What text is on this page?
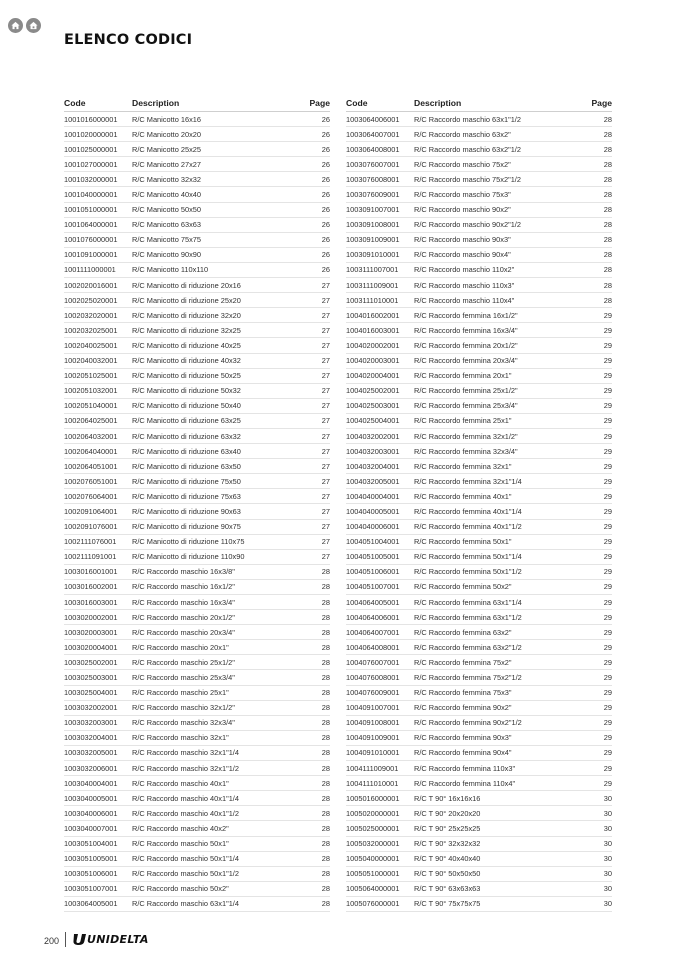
ELENCO CODICI
Code	Description	Page
1001016000001	R/C Manicotto 16x16	26
1001020000001	R/C Manicotto 20x20	26
1001025000001	R/C Manicotto 25x25	26
1001027000001	R/C Manicotto 27x27	26
1001032000001	R/C Manicotto 32x32	26
1001040000001	R/C Manicotto 40x40	26
1001051000001	R/C Manicotto 50x50	26
1001064000001	R/C Manicotto 63x63	26
1001076000001	R/C Manicotto 75x75	26
1001091000001	R/C Manicotto 90x90	26
1001111000001	R/C Manicotto 110x110	26
1002020016001	R/C Manicotto di riduzione 20x16	27
1002025020001	R/C Manicotto di riduzione 25x20	27
1002032020001	R/C Manicotto di riduzione 32x20	27
1002032025001	R/C Manicotto di riduzione 32x25	27
1002040025001	R/C Manicotto di riduzione 40x25	27
1002040032001	R/C Manicotto di riduzione 40x32	27
1002051025001	R/C Manicotto di riduzione 50x25	27
1002051032001	R/C Manicotto di riduzione 50x32	27
1002051040001	R/C Manicotto di riduzione 50x40	27
1002064025001	R/C Manicotto di riduzione 63x25	27
1002064032001	R/C Manicotto di riduzione 63x32	27
1002064040001	R/C Manicotto di riduzione 63x40	27
1002064051001	R/C Manicotto di riduzione 63x50	27
1002076051001	R/C Manicotto di riduzione 75x50	27
1002076064001	R/C Manicotto di riduzione 75x63	27
1002091064001	R/C Manicotto di riduzione 90x63	27
1002091076001	R/C Manicotto di riduzione 90x75	27
1002111076001	R/C Manicotto di riduzione 110x75	27
1002111091001	R/C Manicotto di riduzione 110x90	27
1003016001001	R/C Raccordo maschio 16x3/8"	28
1003016002001	R/C Raccordo maschio 16x1/2"	28
1003016003001	R/C Raccordo maschio 16x3/4"	28
1003020002001	R/C Raccordo maschio 20x1/2"	28
1003020003001	R/C Raccordo maschio 20x3/4"	28
1003020004001	R/C Raccordo maschio 20x1"	28
1003025002001	R/C Raccordo maschio 25x1/2"	28
1003025003001	R/C Raccordo maschio 25x3/4"	28
1003025004001	R/C Raccordo maschio 25x1"	28
1003032002001	R/C Raccordo maschio 32x1/2"	28
1003032003001	R/C Raccordo maschio 32x3/4"	28
1003032004001	R/C Raccordo maschio 32x1"	28
1003032005001	R/C Raccordo maschio 32x1"1/4	28
1003032006001	R/C Raccordo maschio 32x1"1/2	28
1003040004001	R/C Raccordo maschio 40x1"	28
1003040005001	R/C Raccordo maschio 40x1"1/4	28
1003040006001	R/C Raccordo maschio 40x1"1/2	28
1003040007001	R/C Raccordo maschio 40x2"	28
1003051004001	R/C Raccordo maschio 50x1"	28
1003051005001	R/C Raccordo maschio 50x1"1/4	28
1003051006001	R/C Raccordo maschio 50x1"1/2	28
1003051007001	R/C Raccordo maschio 50x2"	28
1003064005001	R/C Raccordo maschio 63x1"1/4	28
Code	Description	Page
1003064006001	R/C Raccordo maschio 63x1"1/2	28
1003064007001	R/C Raccordo maschio 63x2"	28
1003064008001	R/C Raccordo maschio 63x2"1/2	28
1003076007001	R/C Raccordo maschio 75x2"	28
1003076008001	R/C Raccordo maschio 75x2"1/2	28
1003076009001	R/C Raccordo maschio 75x3"	28
1003091007001	R/C Raccordo maschio 90x2"	28
1003091008001	R/C Raccordo maschio 90x2"1/2	28
1003091009001	R/C Raccordo maschio 90x3"	28
1003091010001	R/C Raccordo maschio 90x4"	28
1003111007001	R/C Raccordo maschio 110x2"	28
1003111009001	R/C Raccordo maschio 110x3"	28
1003111010001	R/C Raccordo maschio 110x4"	28
1004016002001	R/C Raccordo femmina 16x1/2"	29
1004016003001	R/C Raccordo femmina 16x3/4"	29
1004020002001	R/C Raccordo femmina 20x1/2"	29
1004020003001	R/C Raccordo femmina 20x3/4"	29
1004020004001	R/C Raccordo femmina 20x1"	29
1004025002001	R/C Raccordo femmina 25x1/2"	29
1004025003001	R/C Raccordo femmina 25x3/4"	29
1004025004001	R/C Raccordo femmina 25x1"	29
1004032002001	R/C Raccordo femmina 32x1/2"	29
1004032003001	R/C Raccordo femmina 32x3/4"	29
1004032004001	R/C Raccordo femmina 32x1"	29
1004032005001	R/C Raccordo femmina 32x1"1/4	29
1004040004001	R/C Raccordo femmina 40x1"	29
1004040005001	R/C Raccordo femmina 40x1"1/4	29
1004040006001	R/C Raccordo femmina 40x1"1/2	29
1004051004001	R/C Raccordo femmina 50x1"	29
1004051005001	R/C Raccordo femmina 50x1"1/4	29
1004051006001	R/C Raccordo femmina 50x1"1/2	29
1004051007001	R/C Raccordo femmina 50x2"	29
1004064005001	R/C Raccordo femmina 63x1"1/4	29
1004064006001	R/C Raccordo femmina 63x1"1/2	29
1004064007001	R/C Raccordo femmina 63x2"	29
1004064008001	R/C Raccordo femmina 63x2"1/2	29
1004076007001	R/C Raccordo femmina 75x2"	29
1004076008001	R/C Raccordo femmina 75x2"1/2	29
1004076009001	R/C Raccordo femmina 75x3"	29
1004091007001	R/C Raccordo femmina 90x2"	29
1004091008001	R/C Raccordo femmina 90x2"1/2	29
1004091009001	R/C Raccordo femmina 90x3"	29
1004091010001	R/C Raccordo femmina 90x4"	29
1004111009001	R/C Raccordo femmina 110x3"	29
1004111010001	R/C Raccordo femmina 110x4"	29
1005016000001	R/C T 90° 16x16x16	30
1005020000001	R/C T 90° 20x20x20	30
1005025000001	R/C T 90° 25x25x25	30
1005032000001	R/C T 90° 32x32x32	30
1005040000001	R/C T 90° 40x40x40	30
1005051000001	R/C T 90° 50x50x50	30
1005064000001	R/C T 90° 63x63x63	30
1005076000001	R/C T 90° 75x75x75	30
200	UNIDELTA
